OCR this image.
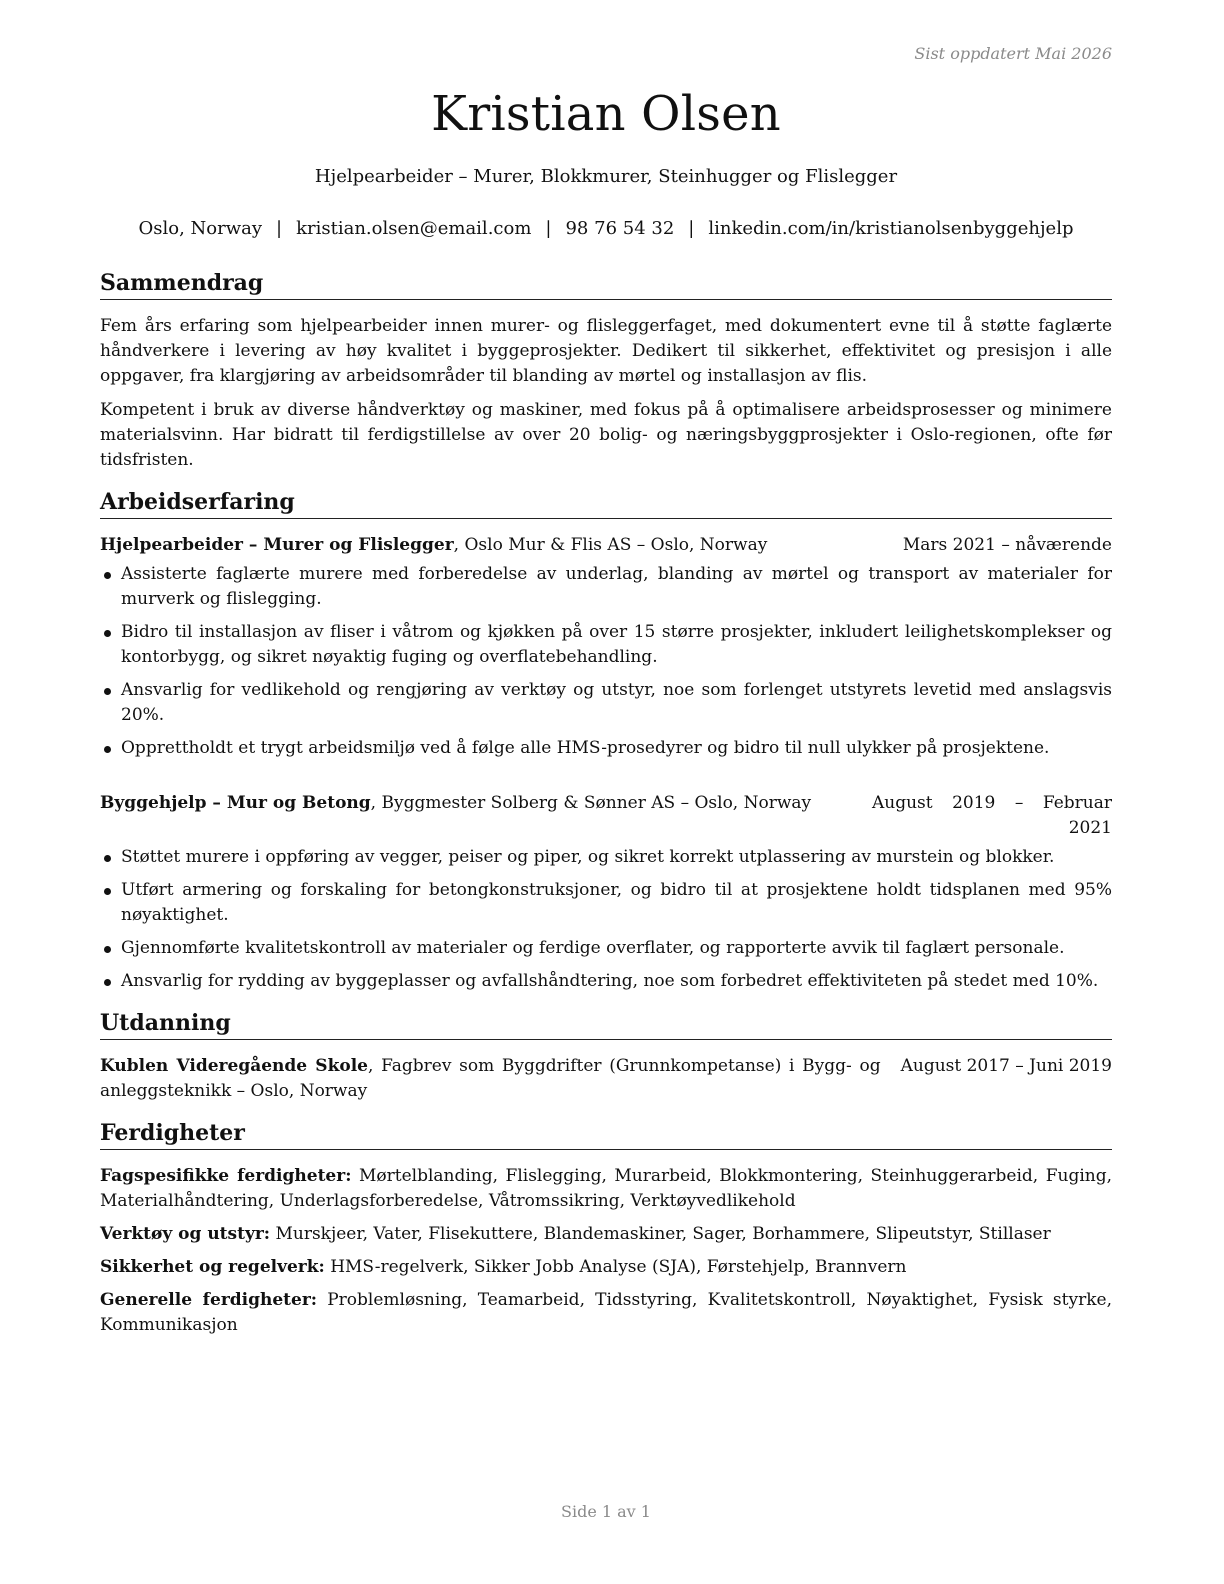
Sist oppdatert Mai 2026
Kristian Olsen
Hjelpearbeider – Murer, Blokkmurer, Steinhugger og Flislegger
Oslo, Norway | kristian.olsen@email.com | 98 76 54 32 | linkedin.com/in/kristianolsenbyggehjelp
Sammendrag

Fem års erfaring som hjelpearbeider innen murer- og flisleggerfaget, med dokumentert evne til å støtte faglærte håndverkere i levering av høy kvalitet i byggeprosjekter. Dedikert til sikkerhet, effektivitet og presisjon i alle oppgaver, fra klargjøring av arbeidsområder til blanding av mørtel og installasjon av flis.

Kompetent i bruk av diverse håndverktøy og maskiner, med fokus på å optimalisere arbeidsprosesser og minimere materialsvinn. Har bidratt til ferdigstillelse av over 20 bolig- og næringsbyggprosjekter i Oslo-regionen, ofte før tidsfristen.

Arbeidserfaring
Hjelpearbeider – Murer og Flislegger, Oslo Mur & Flis AS – Oslo, Norway	Mars 2021 – nåværende
Assisterte faglærte murere med forberedelse av underlag, blanding av mørtel og transport av materialer for murverk og flislegging.
Bidro til installasjon av fliser i våtrom og kjøkken på over 15 større prosjekter, inkludert leilighetskomplekser og kontorbygg, og sikret nøyaktig fuging og overflatebehandling.
Ansvarlig for vedlikehold og rengjøring av verktøy og utstyr, noe som forlenget utstyrets levetid med anslagsvis 20%.
Opprettholdt et trygt arbeidsmiljø ved å følge alle HMS-prosedyrer og bidro til null ulykker på prosjektene.
Byggehjelp – Mur og Betong, Byggmester Solberg & Sønner AS – Oslo, Norway	August 2019 – Februar 2021
Støttet murere i oppføring av vegger, peiser og piper, og sikret korrekt utplassering av murstein og blokker.
Utført armering og forskaling for betongkonstruksjoner, og bidro til at prosjektene holdt tidsplanen med 95% nøyaktighet.
Gjennomførte kvalitetskontroll av materialer og ferdige overflater, og rapporterte avvik til faglært personale.
Ansvarlig for rydding av byggeplasser og avfallshåndtering, noe som forbedret effektiviteten på stedet med 10%.
Utdanning
Kublen Videregående Skole, Fagbrev som Byggdrifter (Grunnkompetanse) i Bygg- og anleggsteknikk – Oslo, Norway
August 2017 – Juni 2019
Ferdigheter

Fagspesifikke ferdigheter: Mørtelblanding, Flislegging, Murarbeid, Blokkmontering, Steinhuggerarbeid, Fuging, Materialhåndtering, Underlagsforberedelse, Våtromssikring, Verktøyvedlikehold

Verktøy og utstyr: Murskjeer, Vater, Flisekuttere, Blandemaskiner, Sager, Borhammere, Slipeutstyr, Stillaser

Sikkerhet og regelverk: HMS-regelverk, Sikker Jobb Analyse (SJA), Førstehjelp, Brannvern

Generelle ferdigheter: Problemløsning, Teamarbeid, Tidsstyring, Kvalitetskontroll, Nøyaktighet, Fysisk styrke, Kommunikasjon

Side 1 av 1
